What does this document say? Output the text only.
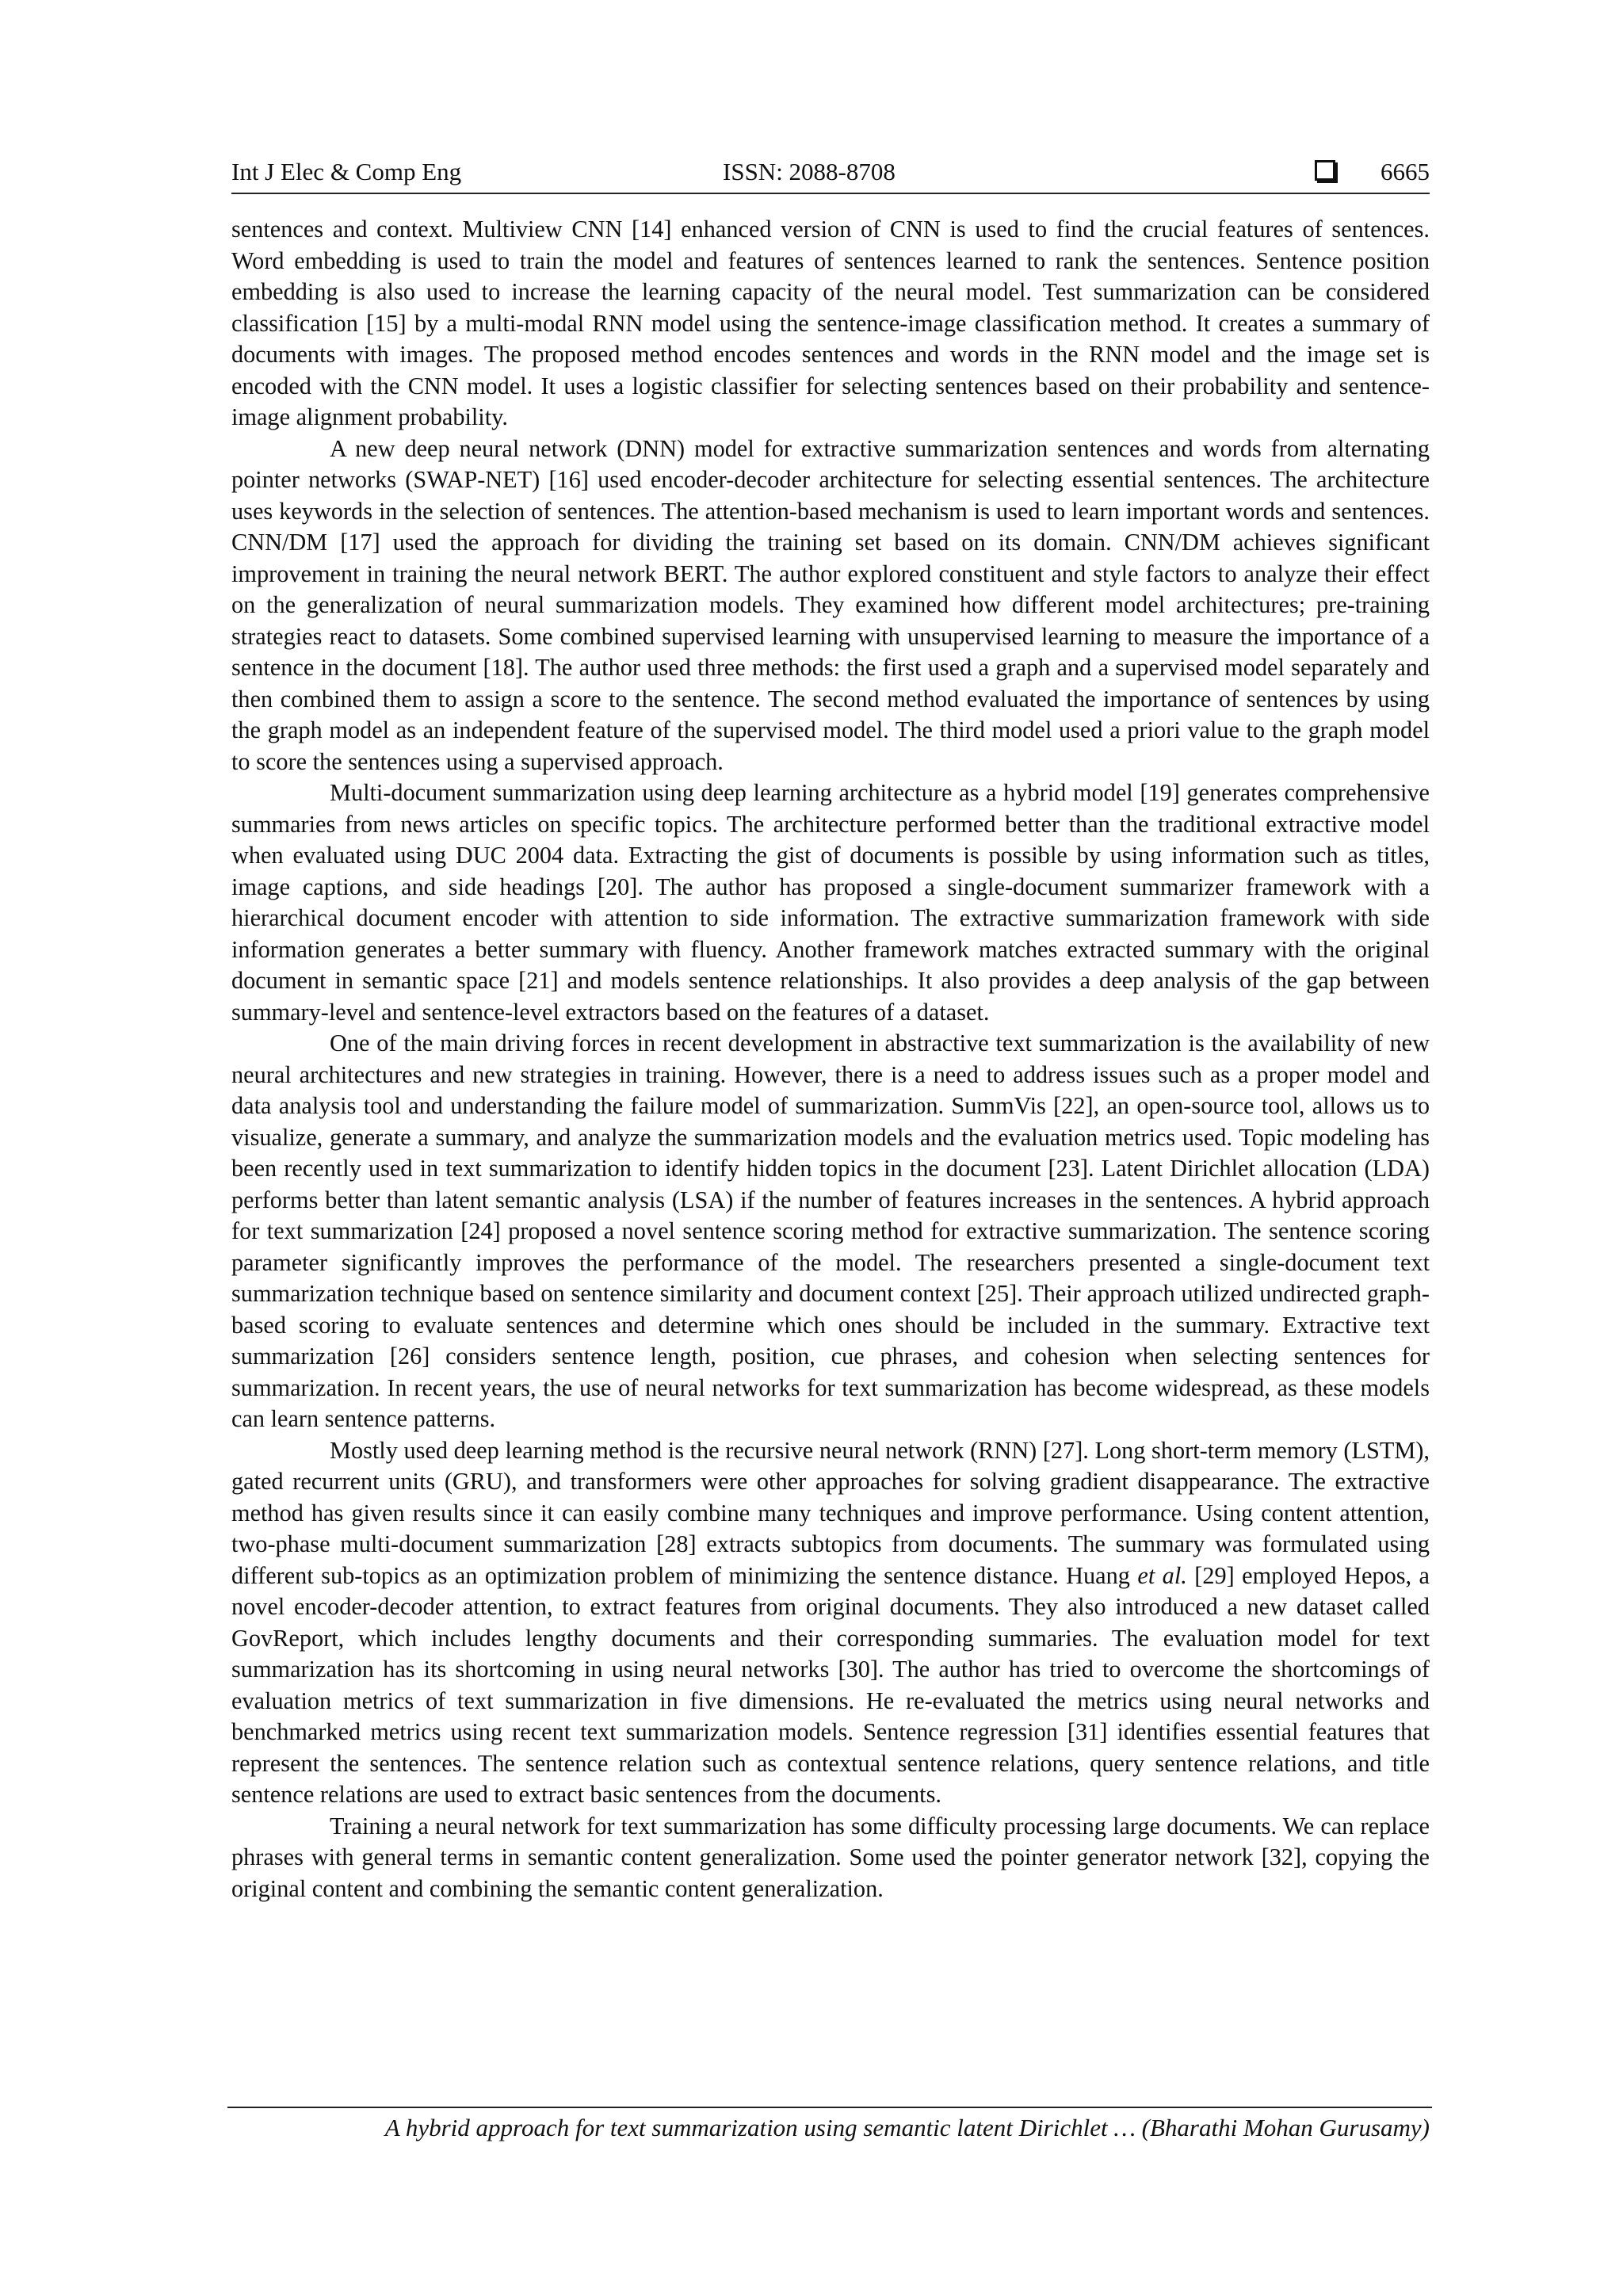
Int J Elec & Comp Eng	ISSN: 2088-8708	6665

sentences and context. Multiview CNN [14] enhanced version of CNN is used to find the crucial features of sentences. Word embedding is used to train the model and features of sentences learned to rank the sentences. Sentence position embedding is also used to increase the learning capacity of the neural model. Test summarization can be considered classification [15] by a multi-modal RNN model using the sentence-image classification method. It creates a summary of documents with images. The proposed method encodes sentences and words in the RNN model and the image set is encoded with the CNN model. It uses a logistic classifier for selecting sentences based on their probability and sentence-image alignment probability.

A new deep neural network (DNN) model for extractive summarization sentences and words from alternating pointer networks (SWAP-NET) [16] used encoder-decoder architecture for selecting essential sentences. The architecture uses keywords in the selection of sentences. The attention-based mechanism is used to learn important words and sentences. CNN/DM [17] used the approach for dividing the training set based on its domain. CNN/DM achieves significant improvement in training the neural network BERT. The author explored constituent and style factors to analyze their effect on the generalization of neural summarization models. They examined how different model architectures; pre-training strategies react to datasets. Some combined supervised learning with unsupervised learning to measure the importance of a sentence in the document [18]. The author used three methods: the first used a graph and a supervised model separately and then combined them to assign a score to the sentence. The second method evaluated the importance of sentences by using the graph model as an independent feature of the supervised model. The third model used a priori value to the graph model to score the sentences using a supervised approach.

Multi-document summarization using deep learning architecture as a hybrid model [19] generates comprehensive summaries from news articles on specific topics. The architecture performed better than the traditional extractive model when evaluated using DUC 2004 data. Extracting the gist of documents is possible by using information such as titles, image captions, and side headings [20]. The author has proposed a single-document summarizer framework with a hierarchical document encoder with attention to side information. The extractive summarization framework with side information generates a better summary with fluency. Another framework matches extracted summary with the original document in semantic space [21] and models sentence relationships. It also provides a deep analysis of the gap between summary-level and sentence-level extractors based on the features of a dataset.

One of the main driving forces in recent development in abstractive text summarization is the availability of new neural architectures and new strategies in training. However, there is a need to address issues such as a proper model and data analysis tool and understanding the failure model of summarization. SummVis [22], an open-source tool, allows us to visualize, generate a summary, and analyze the summarization models and the evaluation metrics used. Topic modeling has been recently used in text summarization to identify hidden topics in the document [23]. Latent Dirichlet allocation (LDA) performs better than latent semantic analysis (LSA) if the number of features increases in the sentences. A hybrid approach for text summarization [24] proposed a novel sentence scoring method for extractive summarization. The sentence scoring parameter significantly improves the performance of the model. The researchers presented a single-document text summarization technique based on sentence similarity and document context [25]. Their approach utilized undirected graph-based scoring to evaluate sentences and determine which ones should be included in the summary. Extractive text summarization [26] considers sentence length, position, cue phrases, and cohesion when selecting sentences for summarization. In recent years, the use of neural networks for text summarization has become widespread, as these models can learn sentence patterns.

Mostly used deep learning method is the recursive neural network (RNN) [27]. Long short-term memory (LSTM), gated recurrent units (GRU), and transformers were other approaches for solving gradient disappearance. The extractive method has given results since it can easily combine many techniques and improve performance. Using content attention, two-phase multi-document summarization [28] extracts subtopics from documents. The summary was formulated using different sub-topics as an optimization problem of minimizing the sentence distance. Huang et al. [29] employed Hepos, a novel encoder-decoder attention, to extract features from original documents. They also introduced a new dataset called GovReport, which includes lengthy documents and their corresponding summaries. The evaluation model for text summarization has its shortcoming in using neural networks [30]. The author has tried to overcome the shortcomings of evaluation metrics of text summarization in five dimensions. He re-evaluated the metrics using neural networks and benchmarked metrics using recent text summarization models. Sentence regression [31] identifies essential features that represent the sentences. The sentence relation such as contextual sentence relations, query sentence relations, and title sentence relations are used to extract basic sentences from the documents.

Training a neural network for text summarization has some difficulty processing large documents. We can replace phrases with general terms in semantic content generalization. Some used the pointer generator network [32], copying the original content and combining the semantic content generalization.

A hybrid approach for text summarization using semantic latent Dirichlet … (Bharathi Mohan Gurusamy)
